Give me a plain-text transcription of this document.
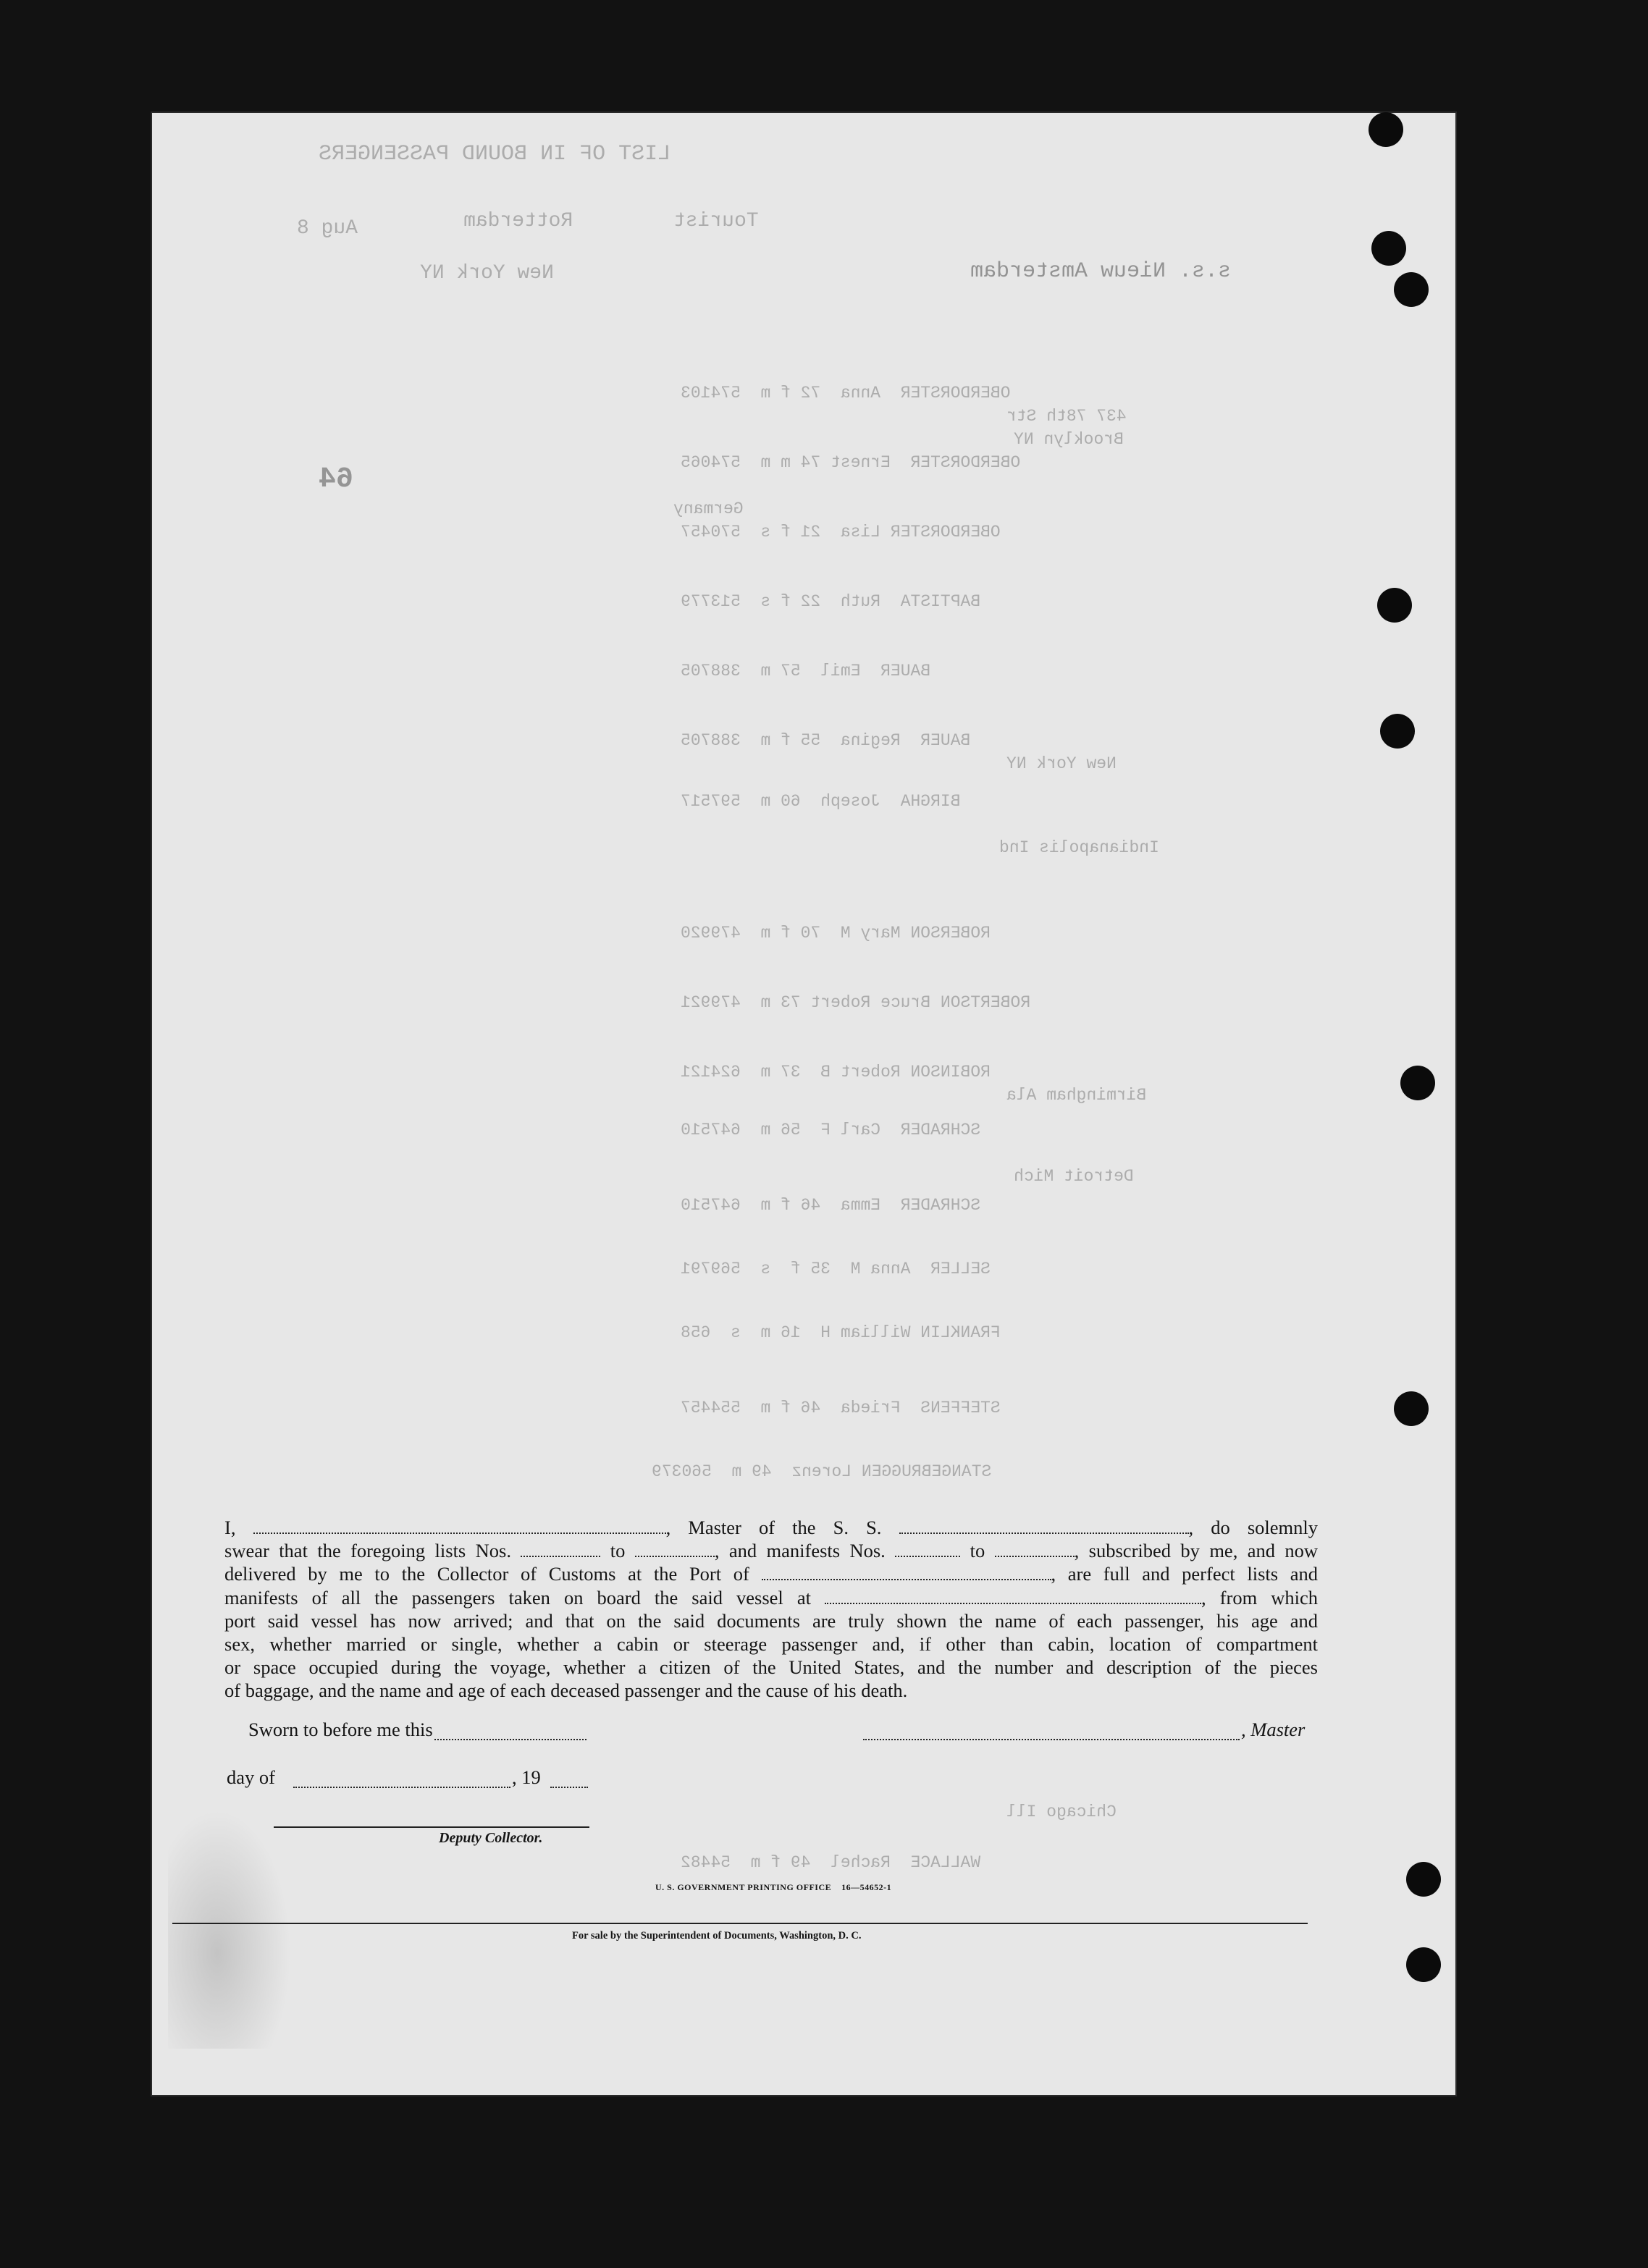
LIST OF IN BOUND PASSENGERS
Tourist
Rotterdam
Aug 8
s.s. Nieuw Amsterdam
New York NY
64
OBERDORSTER  Anna  72 f m  574103
437 78th Str
Brooklyn NY
OBERDORSTER  Ernest 74 m m  574065
Germany
OBERDORSTER Lisa  21 f s  570457
BAPTISTA  Ruth  22 f s  513779
BAUER  Emil  57 m  388705
BAUER  Regina  55 f m  388705
New York NY
BIRGHA  Joseph  60 m  597517
Indianapolis Ind
ROBERSON Mary M  70 f m  479920
ROBERTSON Bruce Robert 73 m  479921
ROBINSON Robert B  37 m  624121
Birmingham Ala
SCHRADER  Carl F  56 m  647510
Detroit Mich
SCHRADER  Emma  46 f m  647510
SELLER  Anna M  35 f  s  569791
FRANKLIN William H  16 m  s  658
STEFFENS  Frieda  46 f m  554457
STANGEBRUGGEN Lorenz  49 m  560379
WALLACE  Rachel  49 f m  54482
Chicago Ill
I,	, Master of the S. S.	, do solemnly
swear that the foregoing lists Nos.	to	, and manifests Nos.	to	, subscribed by me, and now
delivered by me to the Collector of Customs at the Port of	, are full and perfect lists and
manifests of all the passengers taken on board the said vessel at	, from which
port said vessel has now arrived; and that on the said documents are truly shown the name of each passenger, his age and
sex, whether married or single, whether a cabin or steerage passenger and, if other than cabin, location of compartment
or space occupied during the voyage, whether a citizen of the United States, and the number and description of the pieces
of baggage, and the name and age of each deceased passenger and the cause of his death.
Sworn to before me this	, Master
day of	, 19
Deputy Collector.
U. S. GOVERNMENT PRINTING OFFICE 16—54652-1
For sale by the Superintendent of Documents, Washington, D. C.
